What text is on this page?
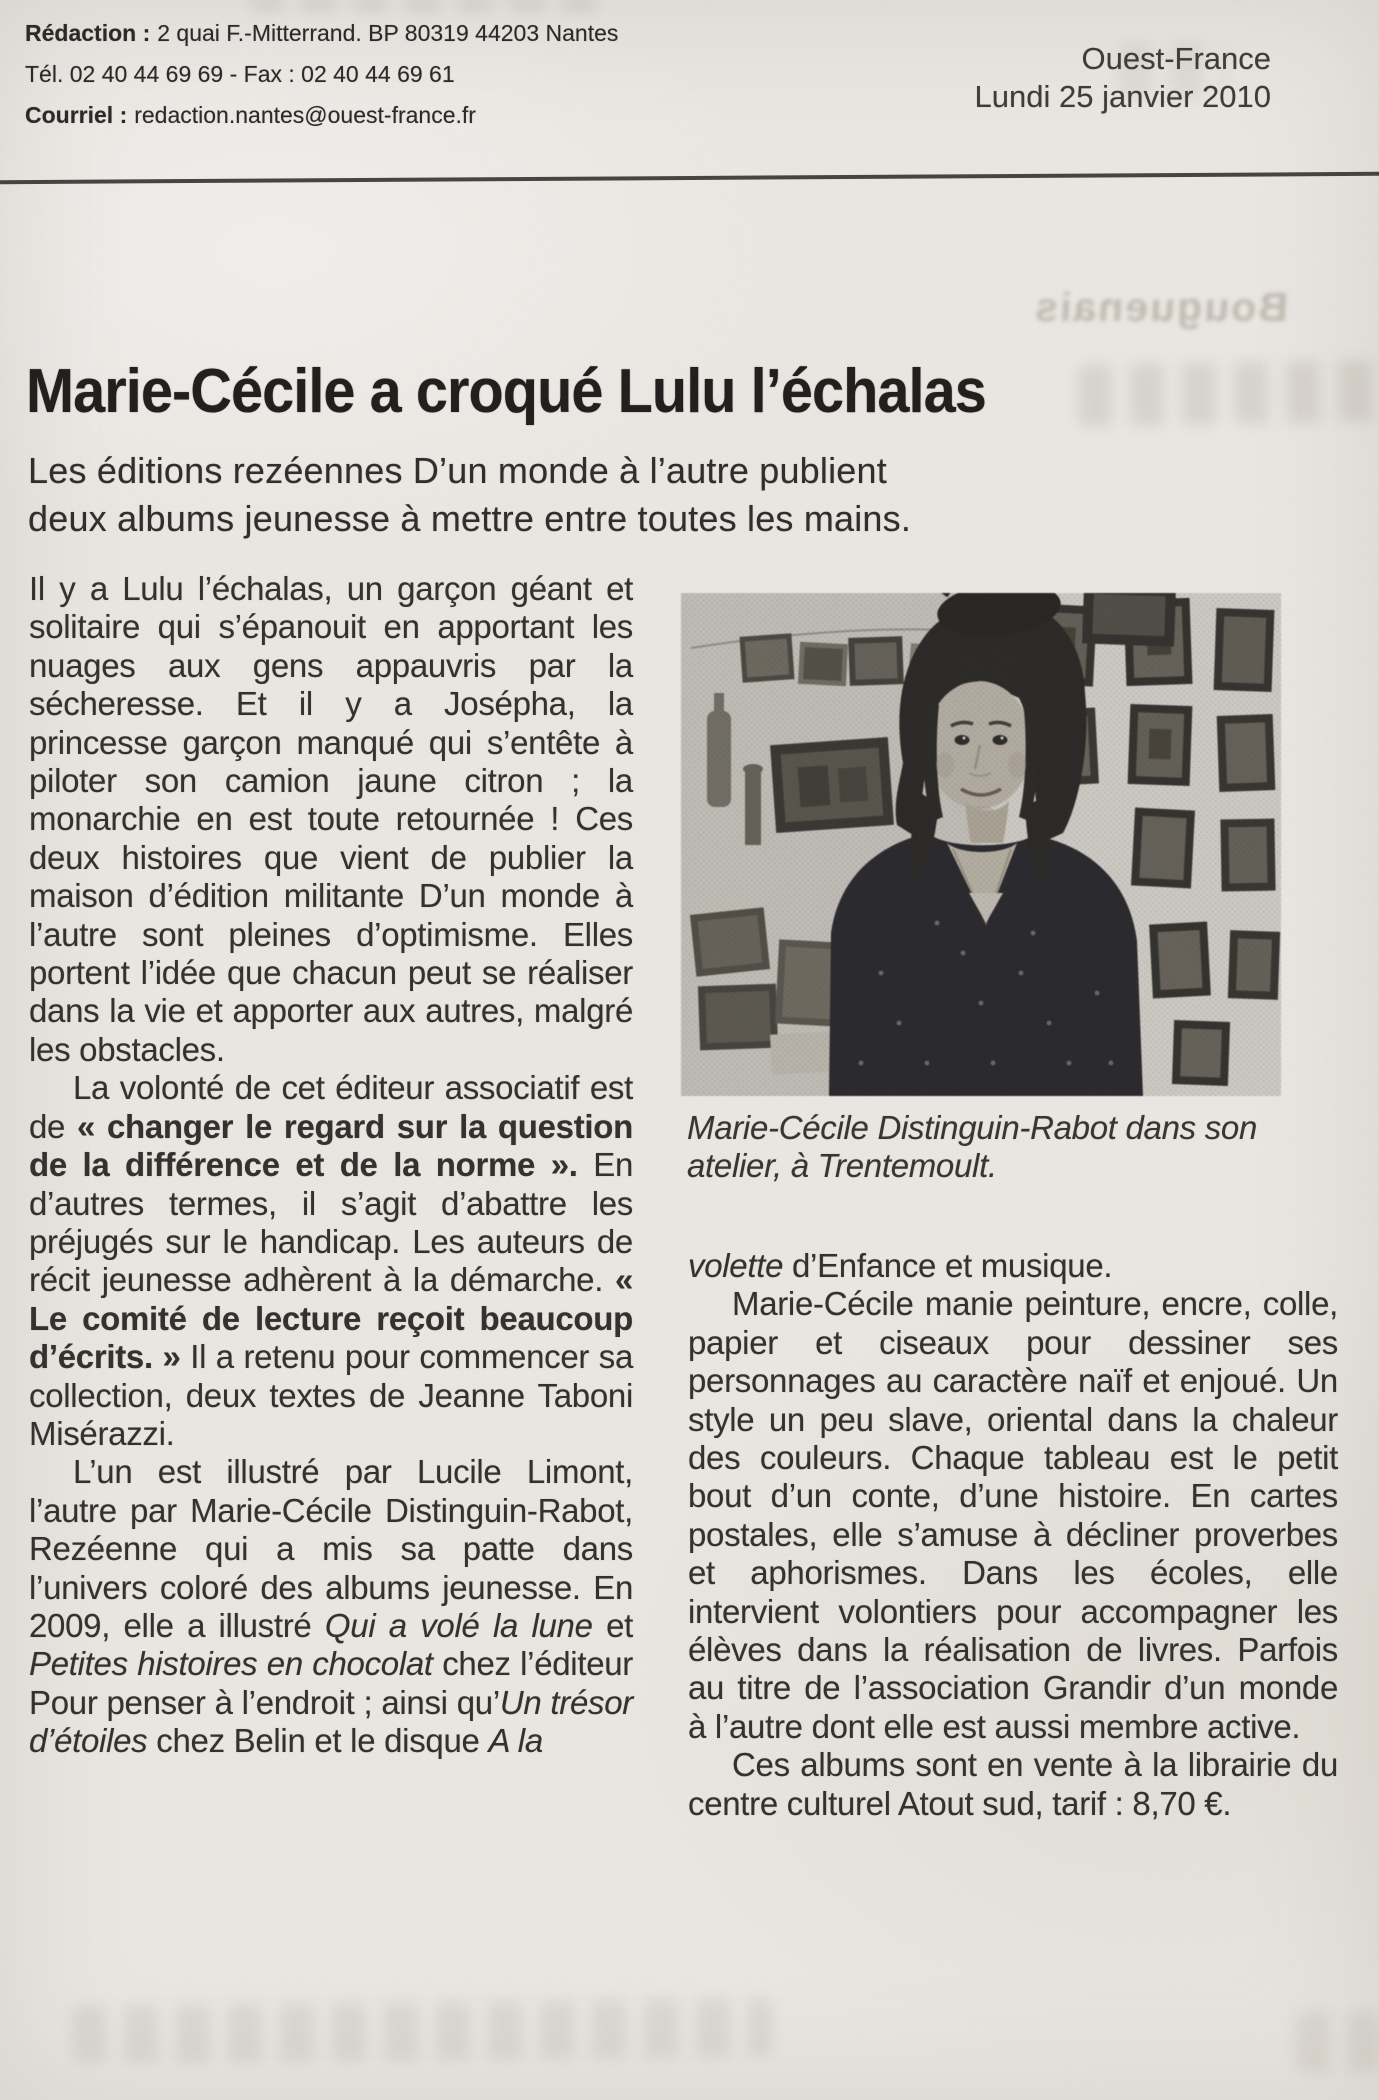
Bouguenais
Rédaction : 2 quai F.-Mitterrand. BP 80319 44203 Nantes
Tél. 02 40 44 69 69 - Fax : 02 40 44 69 61
Courriel : redaction.nantes@ouest-france.fr
Ouest-France
Lundi 25 janvier 2010
Marie-Cécile a croqué Lulu l’échalas

Les éditions rezéennes D’un monde à l’autre publient
deux albums jeunesse à mettre entre toutes les mains.

Il y a Lulu l’échalas, un garçon géant et solitaire qui s’épanouit en apportant les nuages aux gens appauvris par la sécheresse. Et il y a Josépha, la princesse garçon manqué qui s’entête à piloter son camion jaune citron ; la monarchie en est toute retournée ! Ces deux histoires que vient de publier la maison d’édition militante D’un monde à l’autre sont pleines d’optimisme. Elles portent l’idée que chacun peut se réaliser dans la vie et apporter aux autres, malgré les obstacles.

La volonté de cet éditeur associatif est de « changer le regard sur la question de la différence et de la norme ». En d’autres termes, il s’agit d’abattre les préjugés sur le handicap. Les auteurs de récit jeunesse adhèrent à la démarche. « Le comité de lecture reçoit beaucoup d’écrits. » Il a retenu pour commencer sa collection, deux textes de Jeanne Taboni Misérazzi.

L’un est illustré par Lucile Limont, l’autre par Marie-Cécile Distinguin-Rabot, Rezéenne qui a mis sa patte dans l’univers coloré des albums jeunesse. En 2009, elle a illustré Qui a volé la lune et Petites histoires en chocolat chez l’éditeur Pour penser à l’endroit ; ainsi qu’Un trésor d’étoiles chez Belin et le disque A la

Marie-Cécile Distinguin-Rabot dans son atelier, à Trentemoult.

volette d’Enfance et musique.

Marie-Cécile manie peinture, encre, colle, papier et ciseaux pour dessiner ses personnages au caractère naïf et enjoué. Un style un peu slave, oriental dans la chaleur des couleurs. Chaque tableau est le petit bout d’un conte, d’une histoire. En cartes postales, elle s’amuse à décliner proverbes et aphorismes. Dans les écoles, elle intervient volontiers pour accompagner les élèves dans la réalisation de livres. Parfois au titre de l’association Grandir d’un monde à l’autre dont elle est aussi membre active.

Ces albums sont en vente à la librairie du centre culturel Atout sud, tarif : 8,70 €.
